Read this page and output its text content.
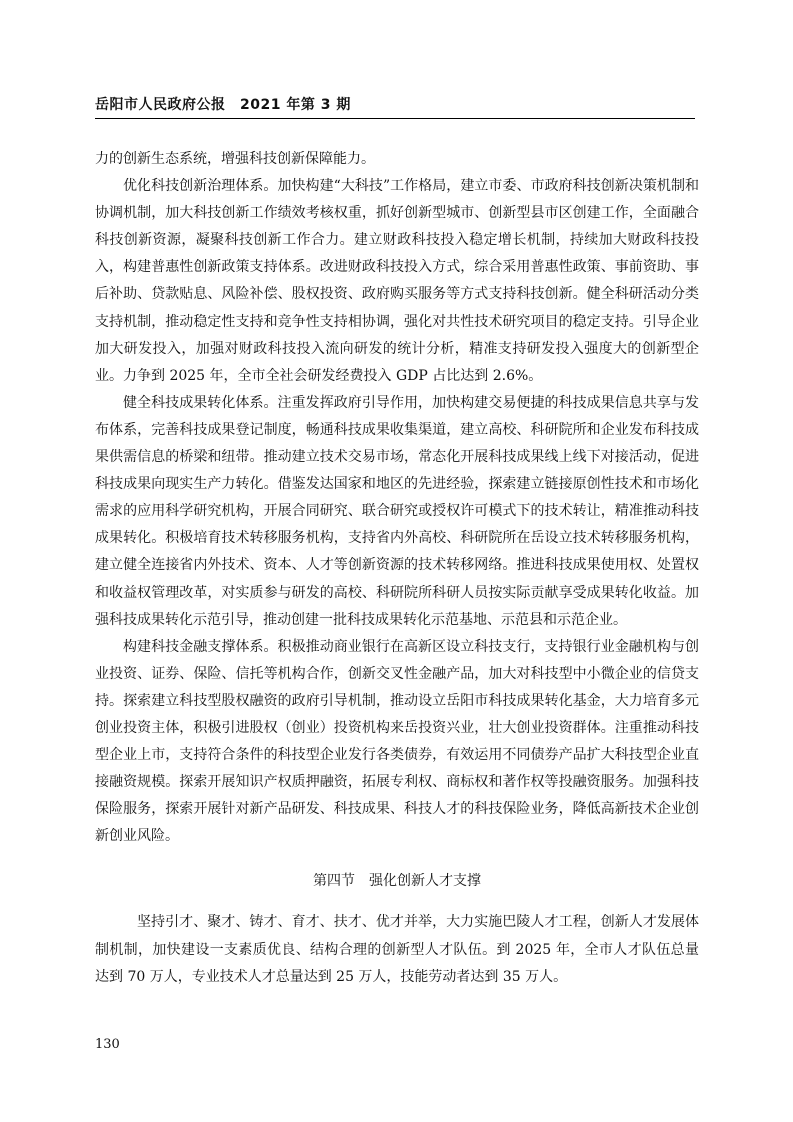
岳阳市人民政府公报　2021 年第 3 期

力的创新生态系统，增强科技创新保障能力。

优化科技创新治理体系。加快构建“大科技”工作格局，建立市委、市政府科技创新决策机制和协调机制，加大科技创新工作绩效考核权重，抓好创新型城市、创新型县市区创建工作，全面融合科技创新资源，凝聚科技创新工作合力。建立财政科技投入稳定增长机制，持续加大财政科技投入，构建普惠性创新政策支持体系。改进财政科技投入方式，综合采用普惠性政策、事前资助、事后补助、贷款贴息、风险补偿、股权投资、政府购买服务等方式支持科技创新。健全科研活动分类支持机制，推动稳定性支持和竞争性支持相协调，强化对共性技术研究项目的稳定支持。引导企业加大研发投入，加强对财政科技投入流向研发的统计分析，精准支持研发投入强度大的创新型企业。力争到 2025 年，全市全社会研发经费投入 GDP 占比达到 2.6%。

健全科技成果转化体系。注重发挥政府引导作用，加快构建交易便捷的科技成果信息共享与发布体系，完善科技成果登记制度，畅通科技成果收集渠道，建立高校、科研院所和企业发布科技成果供需信息的桥梁和纽带。推动建立技术交易市场，常态化开展科技成果线上线下对接活动，促进科技成果向现实生产力转化。借鉴发达国家和地区的先进经验，探索建立链接原创性技术和市场化需求的应用科学研究机构，开展合同研究、联合研究或授权许可模式下的技术转让，精准推动科技成果转化。积极培育技术转移服务机构，支持省内外高校、科研院所在岳设立技术转移服务机构，建立健全连接省内外技术、资本、人才等创新资源的技术转移网络。推进科技成果使用权、处置权和收益权管理改革，对实质参与研发的高校、科研院所科研人员按实际贡献享受成果转化收益。加强科技成果转化示范引导，推动创建一批科技成果转化示范基地、示范县和示范企业。

构建科技金融支撑体系。积极推动商业银行在高新区设立科技支行，支持银行业金融机构与创业投资、证券、保险、信托等机构合作，创新交叉性金融产品，加大对科技型中小微企业的信贷支持。探索建立科技型股权融资的政府引导机制，推动设立岳阳市科技成果转化基金，大力培育多元创业投资主体，积极引进股权（创业）投资机构来岳投资兴业，壮大创业投资群体。注重推动科技型企业上市，支持符合条件的科技型企业发行各类债券，有效运用不同债券产品扩大科技型企业直接融资规模。探索开展知识产权质押融资，拓展专利权、商标权和著作权等投融资服务。加强科技保险服务，探索开展针对新产品研发、科技成果、科技人才的科技保险业务，降低高新技术企业创新创业风险。

第四节　强化创新人才支撑

坚持引才、聚才、铸才、育才、扶才、优才并举，大力实施巴陵人才工程，创新人才发展体制机制，加快建设一支素质优良、结构合理的创新型人才队伍。到 2025 年，全市人才队伍总量达到 70 万人，专业技术人才总量达到 25 万人，技能劳动者达到 35 万人。

130
